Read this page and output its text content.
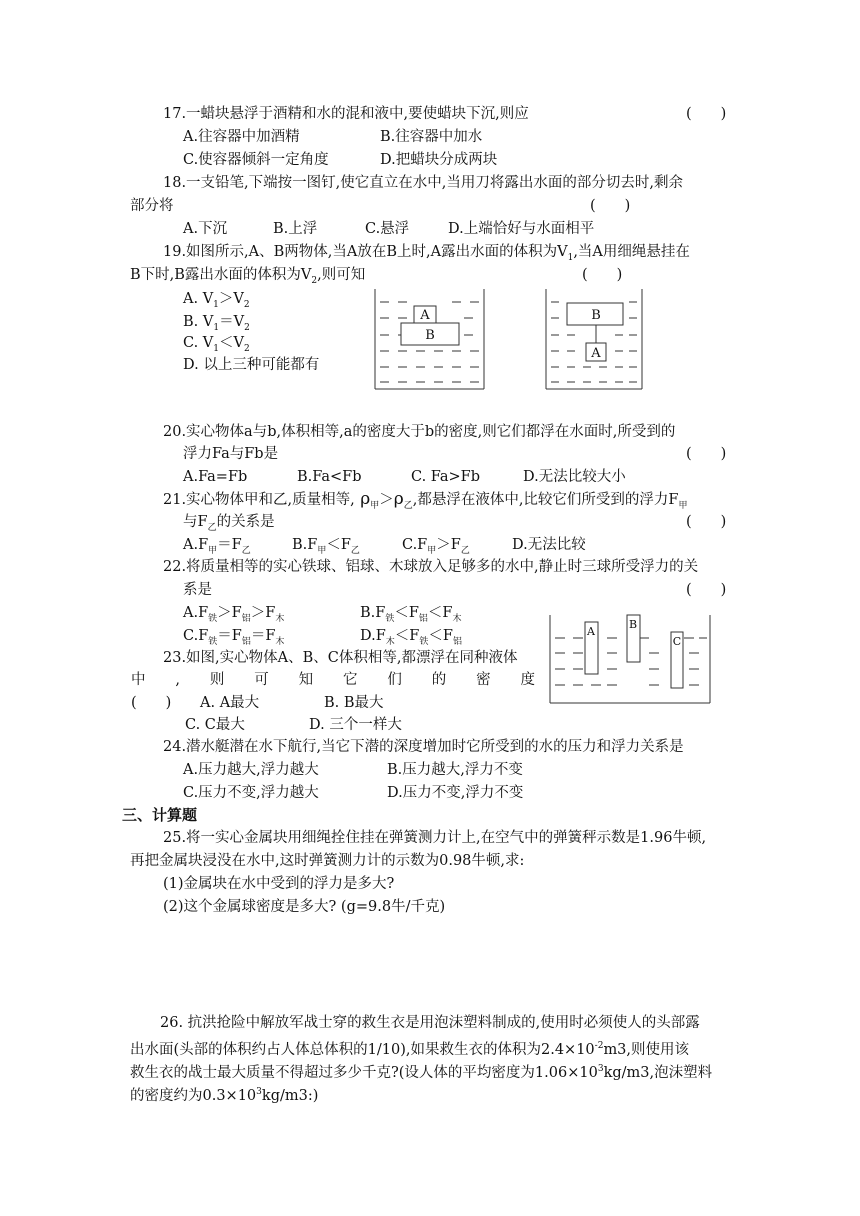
17.一蜡块悬浮于酒精和水的混和液中,要使蜡块下沉,则应	(　　)
A.往容器中加酒精	B.往容器中加水
C.使容器倾斜一定角度	D.把蜡块分成两块
18.一支铅笔,下端按一图钉,使它直立在水中,当用刀将露出水面的部分切去时,剩余
部分将	(　　)
A.下沉	B.上浮	C.悬浮	D.上端恰好与水面相平
19.如图所示,A、B两物体,当A放在B上时,A露出水面的体积为$V_1$,当A用细绳悬挂在
B下时,B露出水面的体积为$V_2$,则可知	(　　)
A. $V_1>V_2$
B. $V_1=V_2$
C. $V_1<V_2$
D. 以上三种可能都有
A
B
B
A
20.实心物体a与b,体积相等,a的密度大于b的密度,则它们都浮在水面时,所受到的
浮力Fa与Fb是	(　　)
A.Fa=Fb	B.Fa<Fb	C. Fa>Fb	D.无法比较大小
21.实心物体甲和乙,质量相等, $\rho_甲>\rho_乙$,都悬浮在液体中,比较它们所受到的浮力$F_甲$
与$F_乙$的关系是	(　　)
$A.F_甲=F_乙$	$B.F_甲<F_乙$	$C.F_甲>F_乙$	D.无法比较
22.将质量相等的实心铁球、铝球、木球放入足够多的水中,静止时三球所受浮力的关
系是	(　　)
$A.F_铁>F_铝>F_木$	$B.F_铁<F_铝<F_木$
$C.F_铁=F_铝=F_木$	$D.F_木<F_铁<F_铝$
A
B
C
23.如图,实心物体A、B、C体积相等,都漂浮在同种液体
中 , 则 可 知 它 们 的 密 度
(　　) A. A最大	B. B最大
C. C最大	D. 三个一样大
24.潜水艇潜在水下航行,当它下潜的深度增加时它所受到的水的压力和浮力关系是
A.压力越大,浮力越大	B.压力越大,浮力不变
C.压力不变,浮力越大	D.压力不变,浮力不变
三、计算题
25.将一实心金属块用细绳拴住挂在弹簧测力计上,在空气中的弹簧秤示数是1.96牛顿,
再把金属块浸没在水中,这时弹簧测力计的示数为0.98牛顿,求:
(1)金属块在水中受到的浮力是多大?
(2)这个金属球密度是多大? (g=9.8牛/千克)
26. 抗洪抢险中解放军战士穿的救生衣是用泡沫塑料制成的,使用时必须使人的头部露
出水面(头部的体积约占人体总体积的1/10),如果救生衣的体积为$2.4\times 10^{-2}m3$,则使用该
救生衣的战士最大质量不得超过多少千克?(设人体的平均密度为$1.06\times 10^3kg/m3$,泡沫塑料
的密度约为$0.3\times 10^3kg/m3$:)
